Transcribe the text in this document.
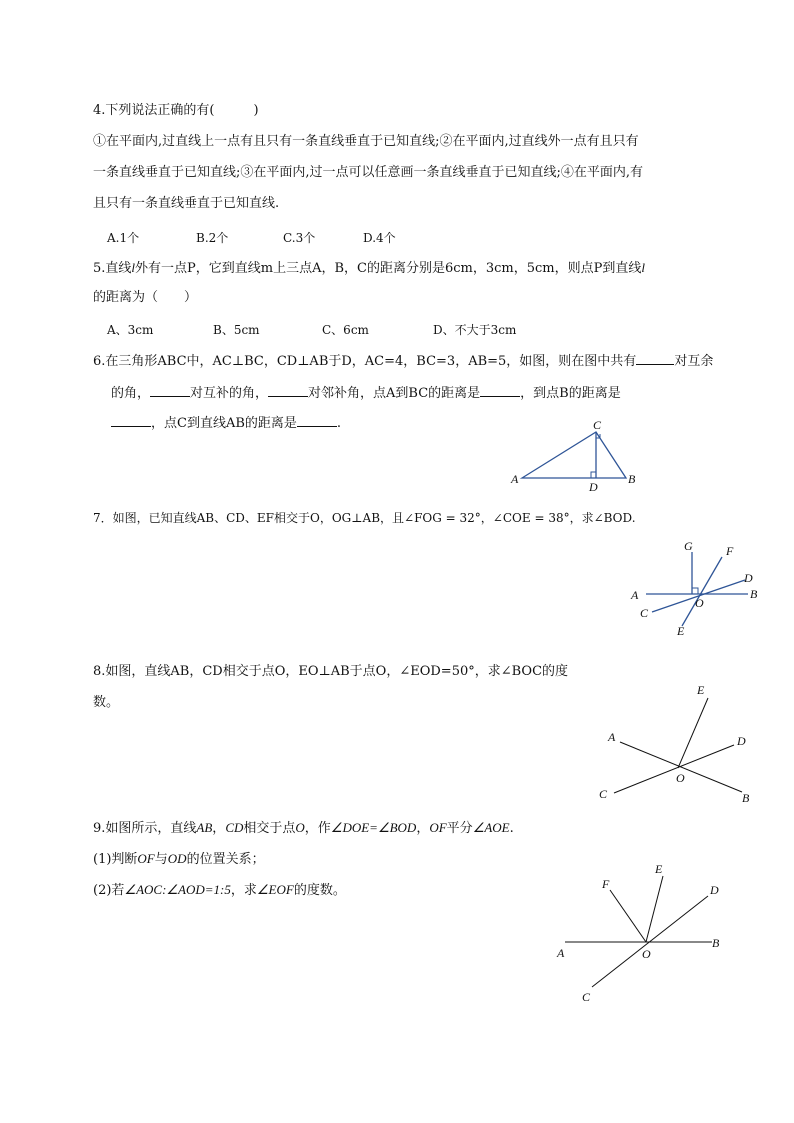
4.下列说法正确的有(　　　)
①在平面内,过直线上一点有且只有一条直线垂直于已知直线;②在平面内,过直线外一点有且只有
一条直线垂直于已知直线;③在平面内,过一点可以任意画一条直线垂直于已知直线;④在平面内,有
且只有一条直线垂直于已知直线.
A.1个	B.2个	C.3个	D.4个
5.直线l外有一点P，它到直线m上三点A，B，C的距离分别是6cm，3cm，5cm，则点P到直线l
的距离为（　　）
A、3cm	B、5cm	C、6cm	D、不大于3cm
6.在三角形ABC中，AC⊥BC，CD⊥AB于D，AC=4，BC=3，AB=5，如图，则在图中共有	对互余
的角，	对互补的角，	对邻补角，点A到BC的距离是	，到点B的距离是
，点C到直线AB的距离是	.
7．如图，已知直线AB、CD、EF相交于O，OG⊥AB，且∠FOG = 32°，∠COE = 38°，求∠BOD.
8.如图，直线AB，CD相交于点O，EO⊥AB于点O，∠EOD=50°，求∠BOC的度
数。
9.如图所示，直线AB，CD相交于点O，作∠DOE=∠BOD，OF平分∠AOE.
(1)判断OF与OD的位置关系；
(2)若∠AOC:∠AOD=1:5，求∠EOF的度数。
C
A	B
D
G	F
D
A	B
O
C
E
E
A	D
O
C	B
F
E
D
B
A	O
C
